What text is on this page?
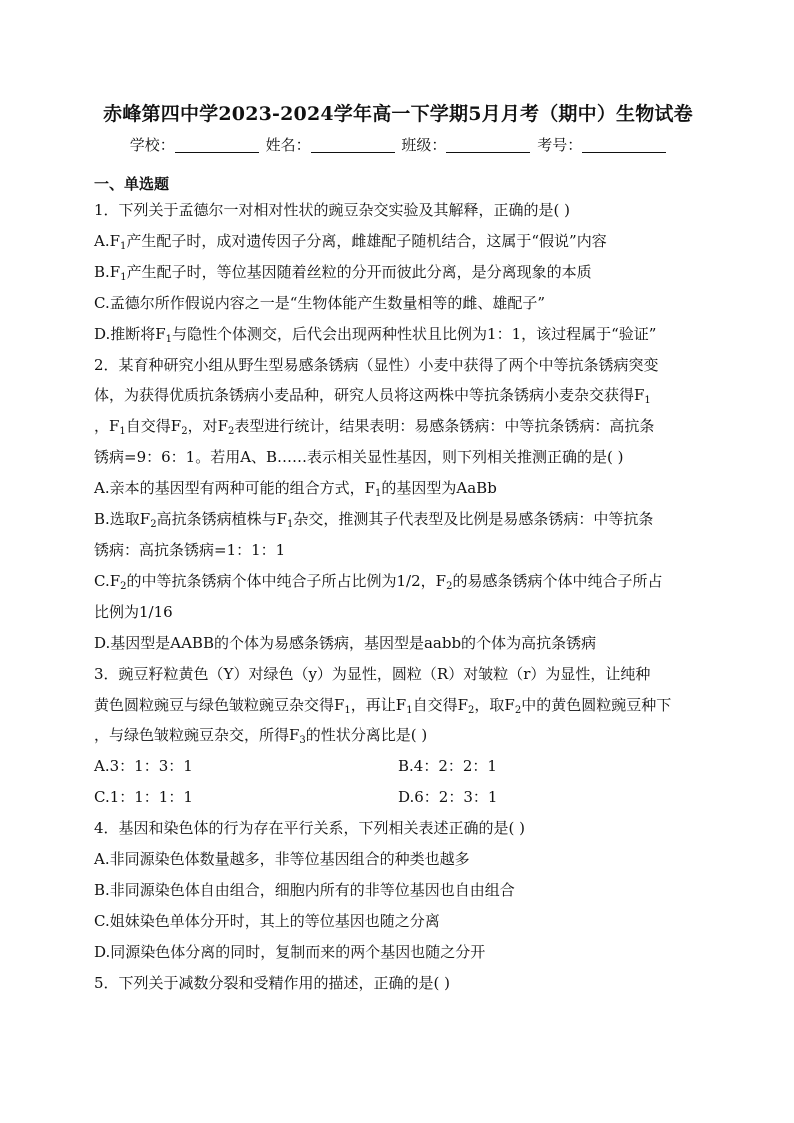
赤峰第四中学2023-2024学年高一下学期5月月考（期中）生物试卷
学校：	姓名：	班级：	考号：
一、单选题
1．下列关于孟德尔一对相对性状的豌豆杂交实验及其解释，正确的是( )
$A.F_1$产生配子时，成对遗传因子分离，雌雄配子随机结合，这属于“假说”内容
$B.F_1$产生配子时，等位基因随着丝粒的分开而彼此分离，是分离现象的本质
C.孟德尔所作假说内容之一是“生物体能产生数量相等的雌、雄配子”
D.推断将$F_1$与隐性个体测交，后代会出现两种性状且比例为1：1，该过程属于“验证”
2．某育种研究小组从野生型易感条锈病（显性）小麦中获得了两个中等抗条锈病突变
体，为获得优质抗条锈病小麦品种，研究人员将这两株中等抗条锈病小麦杂交获得$F_1$
，$F_1$自交得$F_2$，对$F_2$表型进行统计，结果表明：易感条锈病：中等抗条锈病：高抗条
锈病=9：6：1。若用A、B……表示相关显性基因，则下列相关推测正确的是( )
A.亲本的基因型有两种可能的组合方式，$F_1$的基因型为AaBb
B.选取$F_2$高抗条锈病植株与$F_1$杂交，推测其子代表型及比例是易感条锈病：中等抗条
锈病：高抗条锈病=1：1：1
$C.F_2$的中等抗条锈病个体中纯合子所占比例为1/2，$F_2$的易感条锈病个体中纯合子所占
比例为1/16
D.基因型是AABB的个体为易感条锈病，基因型是aabb的个体为高抗条锈病
3．豌豆籽粒黄色（Y）对绿色（y）为显性，圆粒（R）对皱粒（r）为显性，让纯种
黄色圆粒豌豆与绿色皱粒豌豆杂交得$F_1$，再让$F_1$自交得$F_2$，取$F_2$中的黄色圆粒豌豆种下
，与绿色皱粒豌豆杂交，所得$F_3$的性状分离比是( )
A.3：1：3：1	B.4：2：2：1
C.1：1：1：1	D.6：2：3：1
4．基因和染色体的行为存在平行关系，下列相关表述正确的是( )
A.非同源染色体数量越多，非等位基因组合的种类也越多
B.非同源染色体自由组合，细胞内所有的非等位基因也自由组合
C.姐妹染色单体分开时，其上的等位基因也随之分离
D.同源染色体分离的同时，复制而来的两个基因也随之分开
5．下列关于减数分裂和受精作用的描述，正确的是( )
